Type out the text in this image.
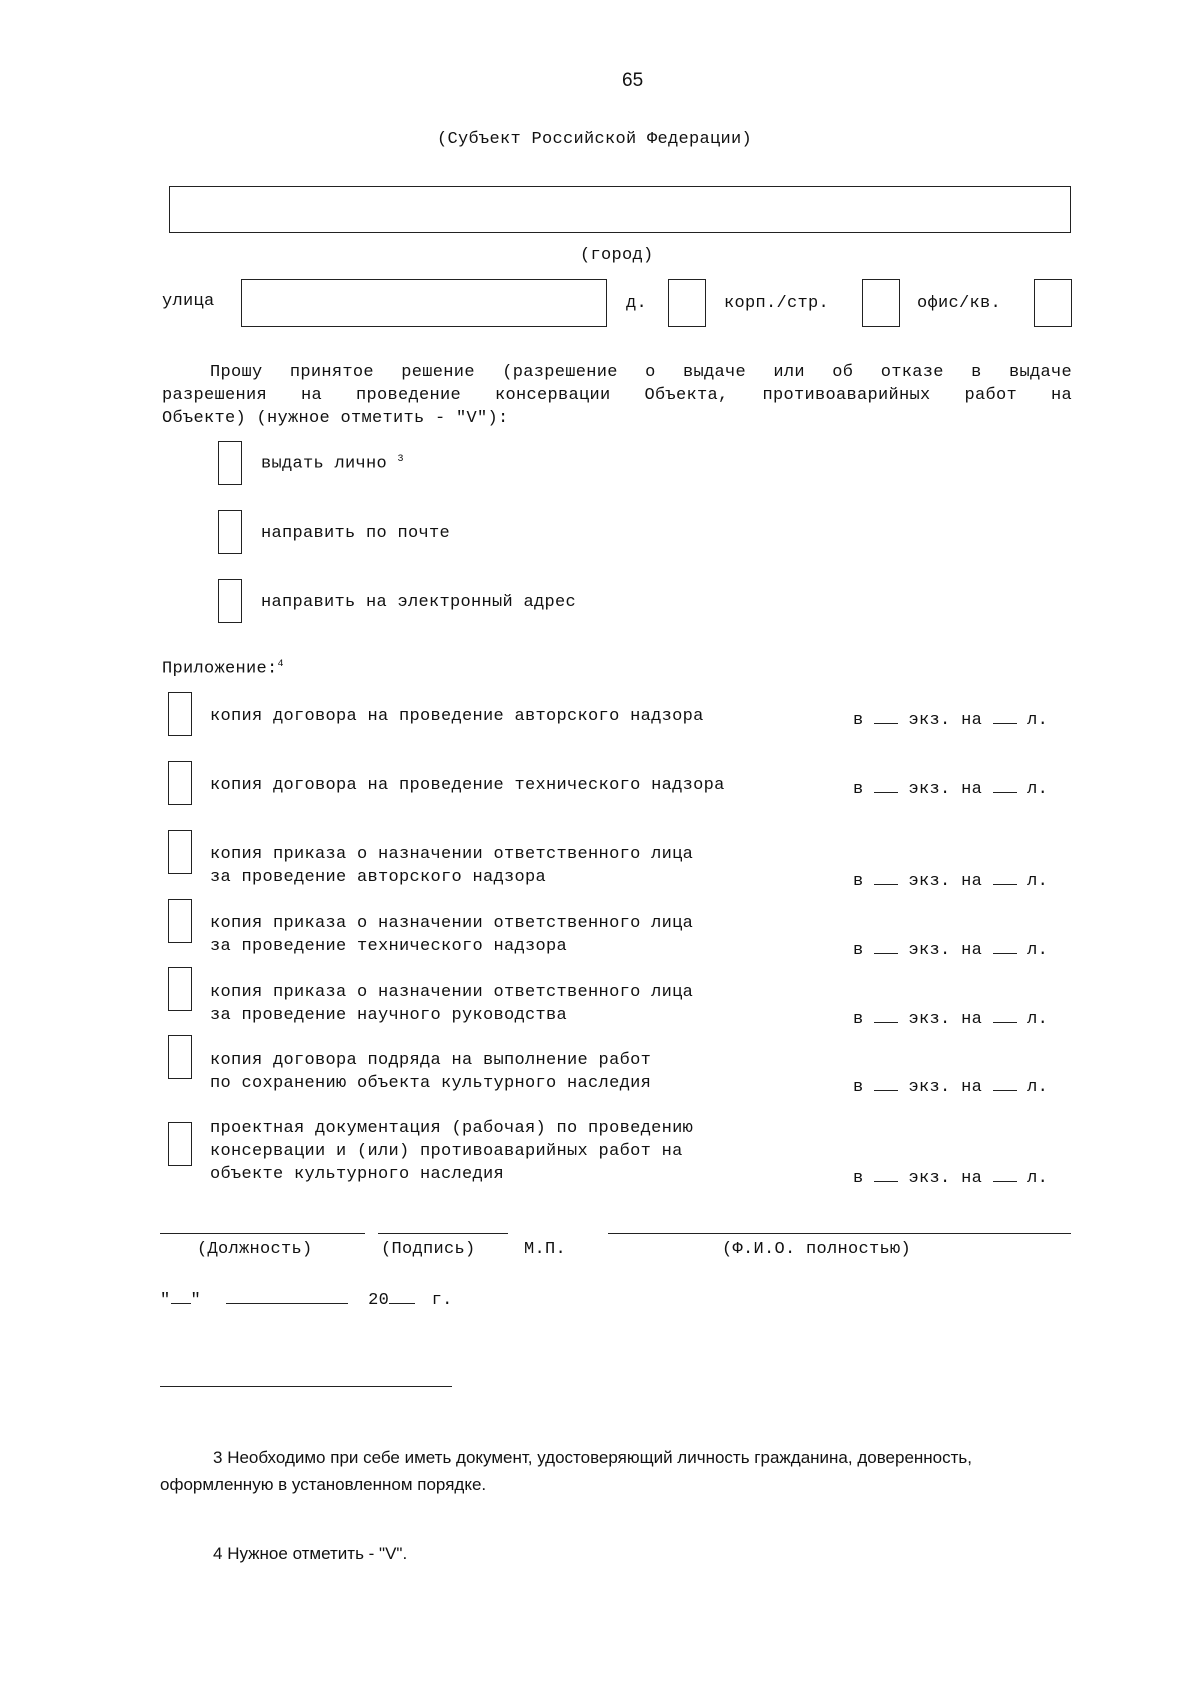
65
(Субъект Российской Федерации)
(город)
улица	д.	корп./стр.	офис/кв.
Прошу принятое решение (разрешение о выдаче или об отказе в выдаче
разрешения на проведение консервации Объекта, противоаварийных работ на
Объекте) (нужное отметить - "V"):
выдать лично $^3$
направить по почте
направить на электронный адрес
Приложение:$^4$
копия договора на проведение авторского надзора	в	экз. на	л.
копия договора на проведение технического надзора	в	экз. на	л.
копия приказа о назначении ответственного лица
за проведение авторского надзора	в	экз. на	л.
копия приказа о назначении ответственного лица
за проведение технического надзора	в	экз. на	л.
копия приказа о назначении ответственного лица
за проведение научного руководства	в	экз. на	л.
копия договора подряда на выполнение работ
по сохранению объекта культурного наследия	в	экз. на	л.
проектная документация (рабочая) по проведению
консервации и (или) противоаварийных работ на
объекте культурного наследия	в	экз. на	л.
(Должность)	(Подпись)	М.П.	(Ф.И.О. полностью)
" "	20	г.
3 Необходимо при себе иметь документ, удостоверяющий личность гражданина, доверенность,
оформленную в установленном порядке.
4 Нужное отметить - "V".
